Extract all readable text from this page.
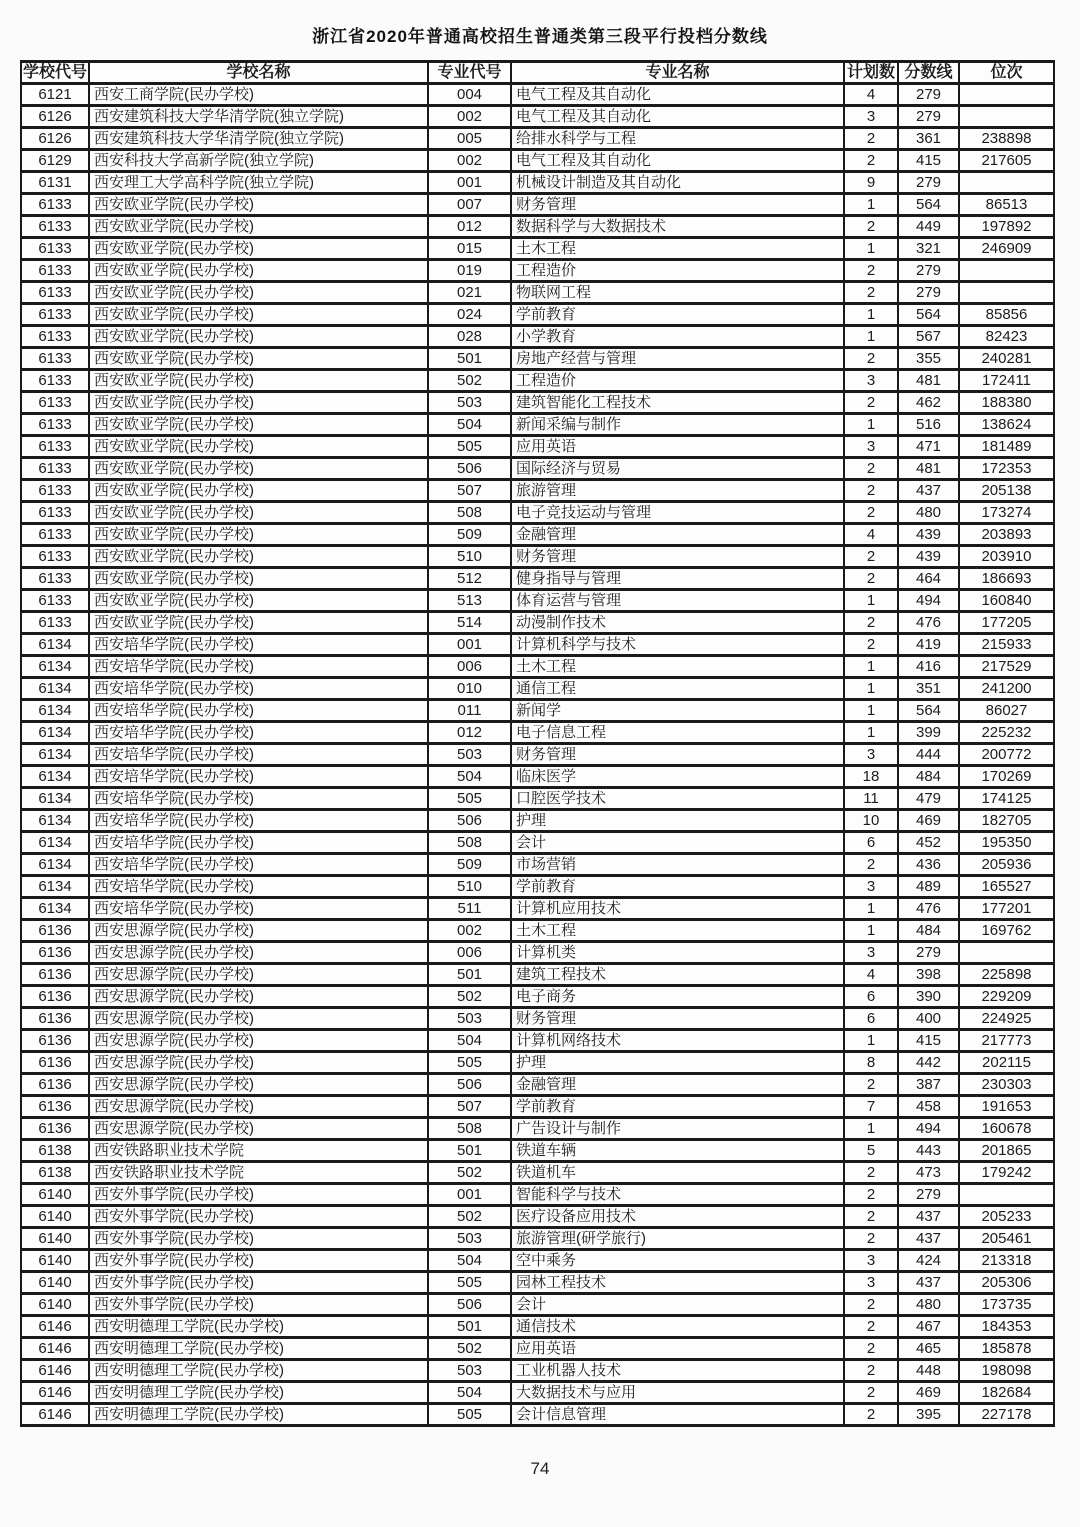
浙江省2020年普通高校招生普通类第三段平行投档分数线
学校代号	学校名称	专业代号	专业名称	计划数	分数线	位次
6121	西安工商学院(民办学校)	004	电气工程及其自动化	4	279	
6126	西安建筑科技大学华清学院(独立学院)	002	电气工程及其自动化	3	279	
6126	西安建筑科技大学华清学院(独立学院)	005	给排水科学与工程	2	361	238898
6129	西安科技大学高新学院(独立学院)	002	电气工程及其自动化	2	415	217605
6131	西安理工大学高科学院(独立学院)	001	机械设计制造及其自动化	9	279	
6133	西安欧亚学院(民办学校)	007	财务管理	1	564	86513
6133	西安欧亚学院(民办学校)	012	数据科学与大数据技术	2	449	197892
6133	西安欧亚学院(民办学校)	015	土木工程	1	321	246909
6133	西安欧亚学院(民办学校)	019	工程造价	2	279	
6133	西安欧亚学院(民办学校)	021	物联网工程	2	279	
6133	西安欧亚学院(民办学校)	024	学前教育	1	564	85856
6133	西安欧亚学院(民办学校)	028	小学教育	1	567	82423
6133	西安欧亚学院(民办学校)	501	房地产经营与管理	2	355	240281
6133	西安欧亚学院(民办学校)	502	工程造价	3	481	172411
6133	西安欧亚学院(民办学校)	503	建筑智能化工程技术	2	462	188380
6133	西安欧亚学院(民办学校)	504	新闻采编与制作	1	516	138624
6133	西安欧亚学院(民办学校)	505	应用英语	3	471	181489
6133	西安欧亚学院(民办学校)	506	国际经济与贸易	2	481	172353
6133	西安欧亚学院(民办学校)	507	旅游管理	2	437	205138
6133	西安欧亚学院(民办学校)	508	电子竞技运动与管理	2	480	173274
6133	西安欧亚学院(民办学校)	509	金融管理	4	439	203893
6133	西安欧亚学院(民办学校)	510	财务管理	2	439	203910
6133	西安欧亚学院(民办学校)	512	健身指导与管理	2	464	186693
6133	西安欧亚学院(民办学校)	513	体育运营与管理	1	494	160840
6133	西安欧亚学院(民办学校)	514	动漫制作技术	2	476	177205
6134	西安培华学院(民办学校)	001	计算机科学与技术	2	419	215933
6134	西安培华学院(民办学校)	006	土木工程	1	416	217529
6134	西安培华学院(民办学校)	010	通信工程	1	351	241200
6134	西安培华学院(民办学校)	011	新闻学	1	564	86027
6134	西安培华学院(民办学校)	012	电子信息工程	1	399	225232
6134	西安培华学院(民办学校)	503	财务管理	3	444	200772
6134	西安培华学院(民办学校)	504	临床医学	18	484	170269
6134	西安培华学院(民办学校)	505	口腔医学技术	11	479	174125
6134	西安培华学院(民办学校)	506	护理	10	469	182705
6134	西安培华学院(民办学校)	508	会计	6	452	195350
6134	西安培华学院(民办学校)	509	市场营销	2	436	205936
6134	西安培华学院(民办学校)	510	学前教育	3	489	165527
6134	西安培华学院(民办学校)	511	计算机应用技术	1	476	177201
6136	西安思源学院(民办学校)	002	土木工程	1	484	169762
6136	西安思源学院(民办学校)	006	计算机类	3	279	
6136	西安思源学院(民办学校)	501	建筑工程技术	4	398	225898
6136	西安思源学院(民办学校)	502	电子商务	6	390	229209
6136	西安思源学院(民办学校)	503	财务管理	6	400	224925
6136	西安思源学院(民办学校)	504	计算机网络技术	1	415	217773
6136	西安思源学院(民办学校)	505	护理	8	442	202115
6136	西安思源学院(民办学校)	506	金融管理	2	387	230303
6136	西安思源学院(民办学校)	507	学前教育	7	458	191653
6136	西安思源学院(民办学校)	508	广告设计与制作	1	494	160678
6138	西安铁路职业技术学院	501	铁道车辆	5	443	201865
6138	西安铁路职业技术学院	502	铁道机车	2	473	179242
6140	西安外事学院(民办学校)	001	智能科学与技术	2	279	
6140	西安外事学院(民办学校)	502	医疗设备应用技术	2	437	205233
6140	西安外事学院(民办学校)	503	旅游管理(研学旅行)	2	437	205461
6140	西安外事学院(民办学校)	504	空中乘务	3	424	213318
6140	西安外事学院(民办学校)	505	园林工程技术	3	437	205306
6140	西安外事学院(民办学校)	506	会计	2	480	173735
6146	西安明德理工学院(民办学校)	501	通信技术	2	467	184353
6146	西安明德理工学院(民办学校)	502	应用英语	2	465	185878
6146	西安明德理工学院(民办学校)	503	工业机器人技术	2	448	198098
6146	西安明德理工学院(民办学校)	504	大数据技术与应用	2	469	182684
6146	西安明德理工学院(民办学校)	505	会计信息管理	2	395	227178
74
